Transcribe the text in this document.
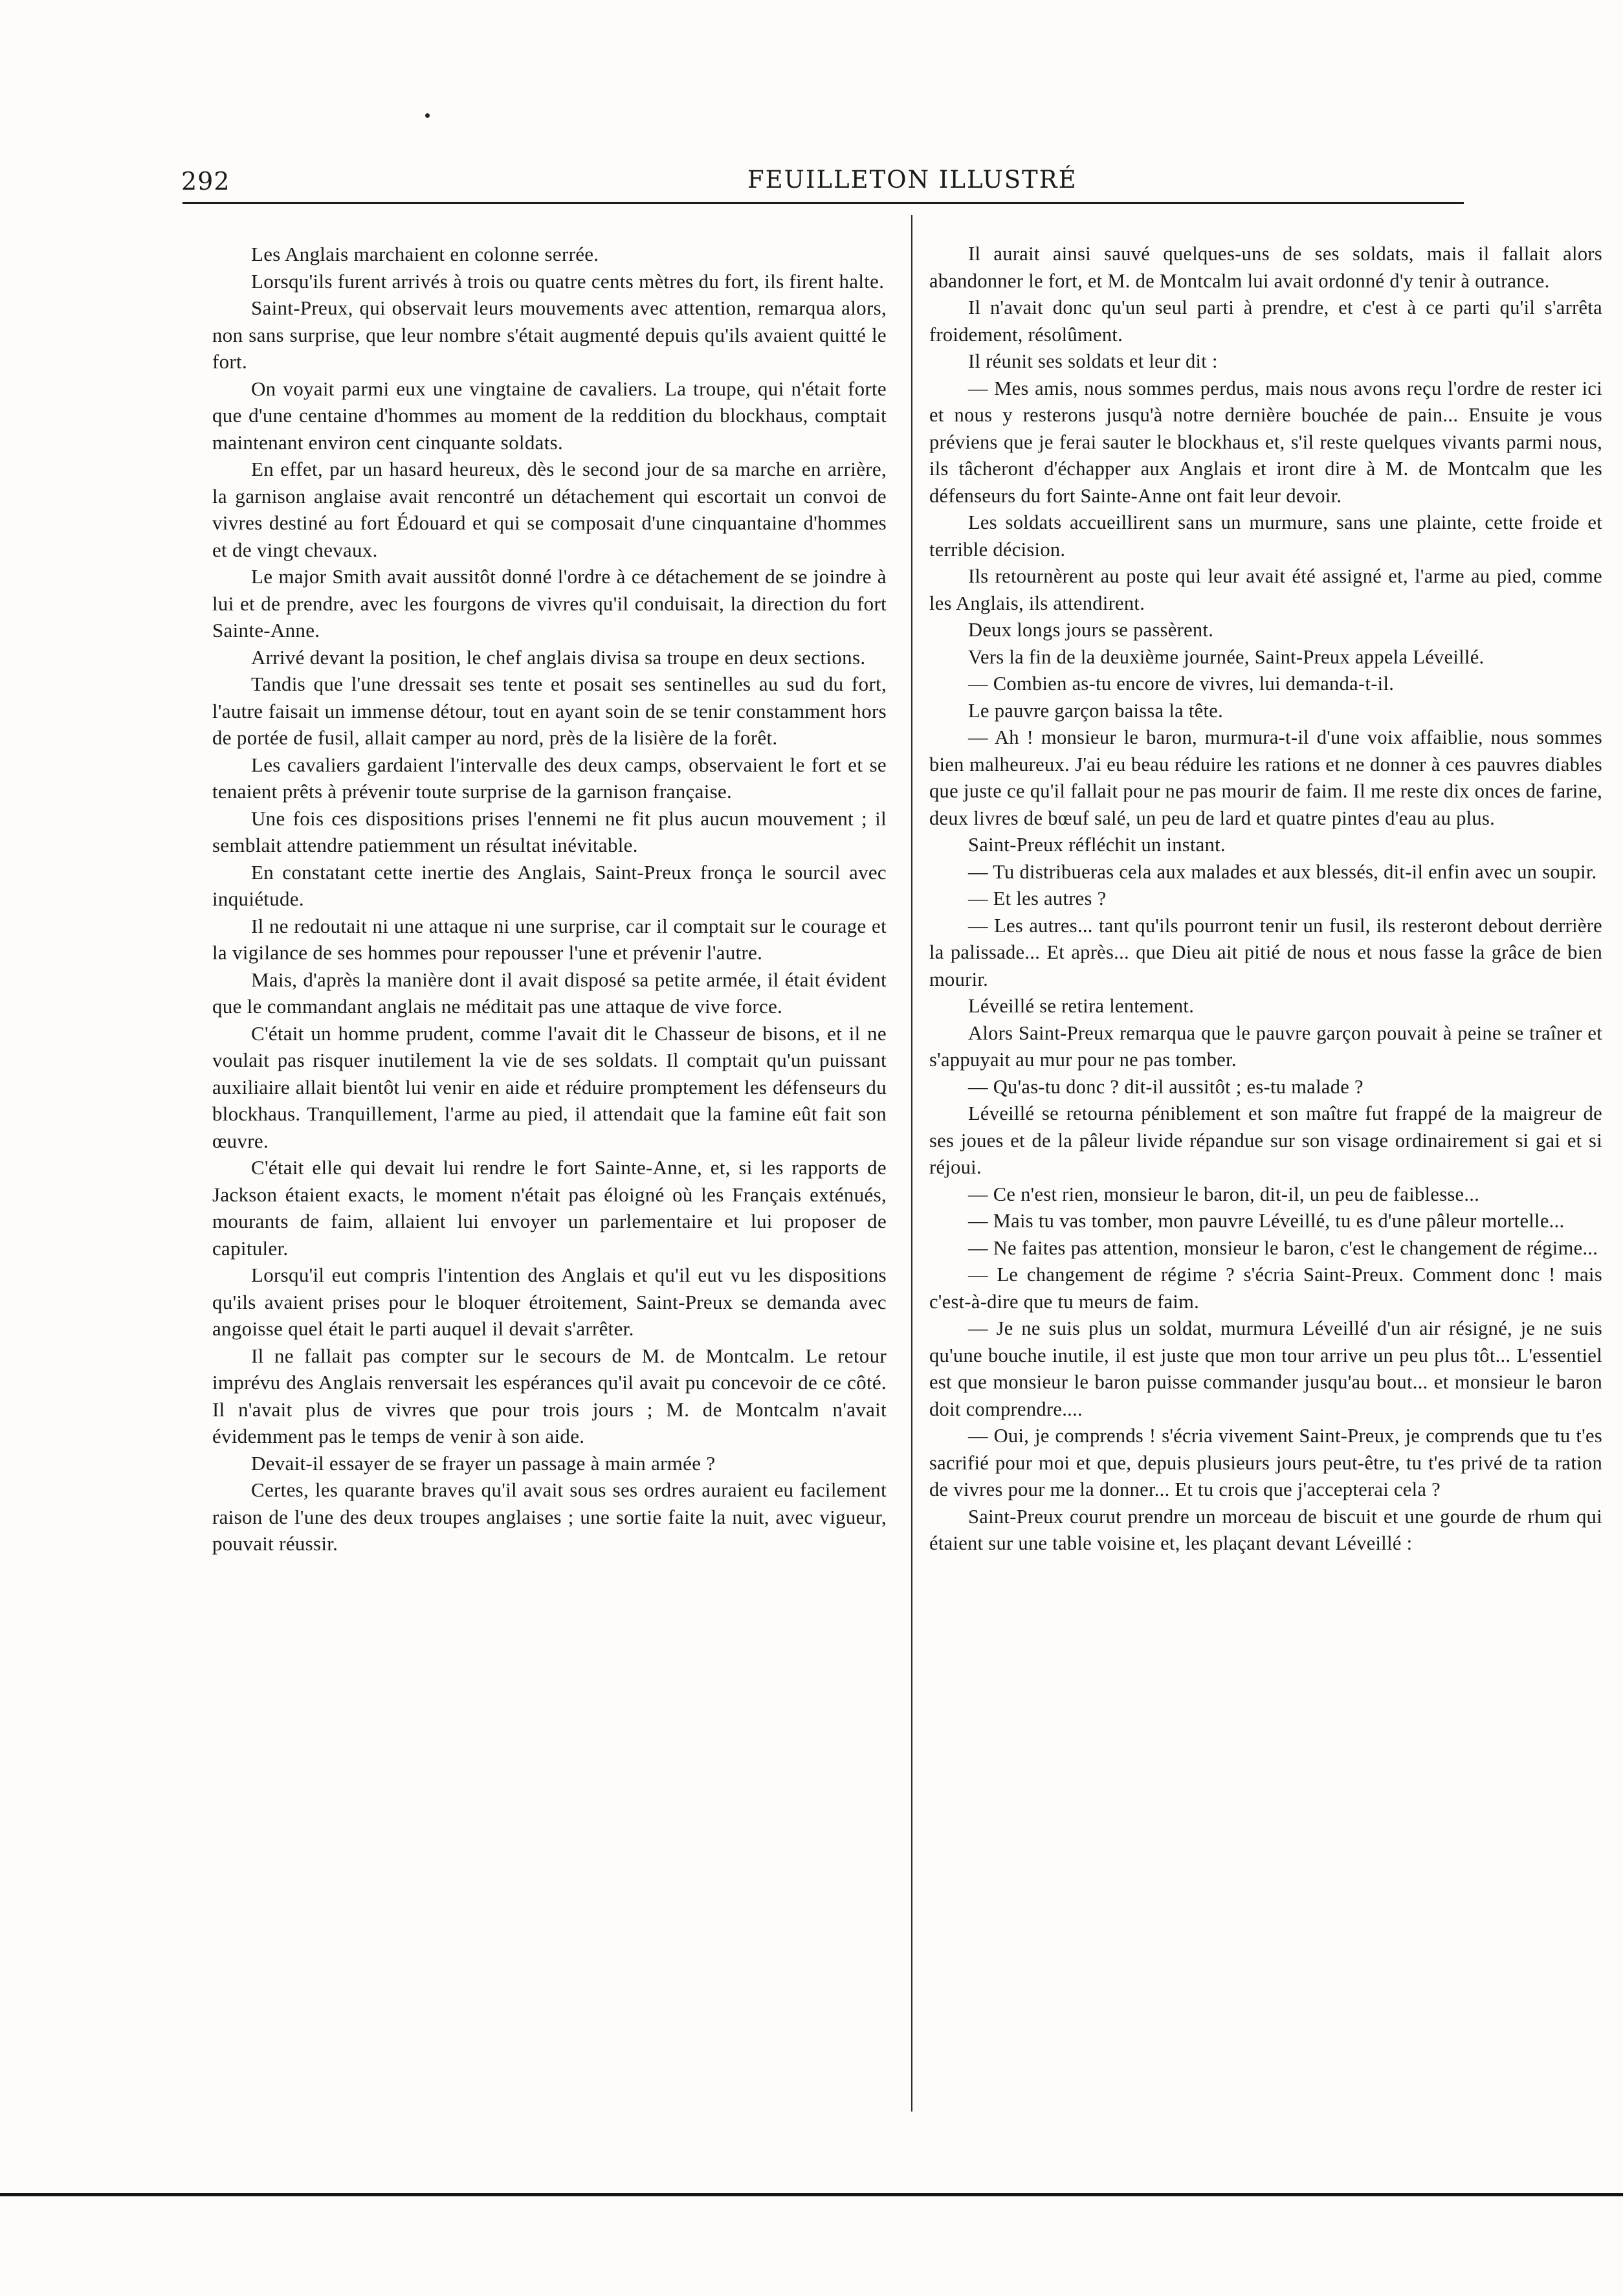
292	FEUILLETON ILLUSTRÉ

Les Anglais marchaient en colonne serrée.

Lorsqu'ils furent arrivés à trois ou quatre cents mètres du fort, ils firent halte.

Saint-Preux, qui observait leurs mouvements avec attention, remarqua alors, non sans surprise, que leur nombre s'était augmenté depuis qu'ils avaient quitté le fort.

On voyait parmi eux une vingtaine de cavaliers. La troupe, qui n'était forte que d'une centaine d'hommes au moment de la reddition du blockhaus, comptait maintenant environ cent cinquante soldats.

En effet, par un hasard heureux, dès le second jour de sa marche en arrière, la garnison anglaise avait rencontré un détachement qui escortait un convoi de vivres destiné au fort Édouard et qui se composait d'une cinquantaine d'hommes et de vingt chevaux.

Le major Smith avait aussitôt donné l'ordre à ce détachement de se joindre à lui et de prendre, avec les fourgons de vivres qu'il conduisait, la direction du fort Sainte-Anne.

Arrivé devant la position, le chef anglais divisa sa troupe en deux sections.

Tandis que l'une dressait ses tente et posait ses sentinelles au sud du fort, l'autre faisait un immense détour, tout en ayant soin de se tenir constamment hors de portée de fusil, allait camper au nord, près de la lisière de la forêt.

Les cavaliers gardaient l'intervalle des deux camps, observaient le fort et se tenaient prêts à prévenir toute surprise de la garnison française.

Une fois ces dispositions prises l'ennemi ne fit plus aucun mouvement ; il semblait attendre patiemment un résultat inévitable.

En constatant cette inertie des Anglais, Saint-Preux fronça le sourcil avec inquiétude.

Il ne redoutait ni une attaque ni une surprise, car il comptait sur le courage et la vigilance de ses hommes pour repousser l'une et prévenir l'autre.

Mais, d'après la manière dont il avait disposé sa petite armée, il était évident que le commandant anglais ne méditait pas une attaque de vive force.

C'était un homme prudent, comme l'avait dit le Chasseur de bisons, et il ne voulait pas risquer inutilement la vie de ses soldats. Il comptait qu'un puissant auxiliaire allait bientôt lui venir en aide et réduire promptement les défenseurs du blockhaus. Tranquillement, l'arme au pied, il attendait que la famine eût fait son œuvre.

C'était elle qui devait lui rendre le fort Sainte-Anne, et, si les rapports de Jackson étaient exacts, le moment n'était pas éloigné où les Français exténués, mourants de faim, allaient lui envoyer un parlementaire et lui proposer de capituler.

Lorsqu'il eut compris l'intention des Anglais et qu'il eut vu les dispositions qu'ils avaient prises pour le bloquer étroitement, Saint-Preux se demanda avec angoisse quel était le parti auquel il devait s'arrêter.

Il ne fallait pas compter sur le secours de M. de Montcalm. Le retour imprévu des Anglais renversait les espérances qu'il avait pu concevoir de ce côté. Il n'avait plus de vivres que pour trois jours ; M. de Montcalm n'avait évidemment pas le temps de venir à son aide.

Devait-il essayer de se frayer un passage à main armée ?

Certes, les quarante braves qu'il avait sous ses ordres auraient eu facilement raison de l'une des deux troupes anglaises ; une sortie faite la nuit, avec vigueur, pouvait réussir.

Il aurait ainsi sauvé quelques-uns de ses soldats, mais il fallait alors abandonner le fort, et M. de Montcalm lui avait ordonné d'y tenir à outrance.

Il n'avait donc qu'un seul parti à prendre, et c'est à ce parti qu'il s'arrêta froidement, résolûment.

Il réunit ses soldats et leur dit :

— Mes amis, nous sommes perdus, mais nous avons reçu l'ordre de rester ici et nous y resterons jusqu'à notre dernière bouchée de pain... Ensuite je vous préviens que je ferai sauter le blockhaus et, s'il reste quelques vivants parmi nous, ils tâcheront d'échapper aux Anglais et iront dire à M. de Montcalm que les défenseurs du fort Sainte-Anne ont fait leur devoir.

Les soldats accueillirent sans un murmure, sans une plainte, cette froide et terrible décision.

Ils retournèrent au poste qui leur avait été assigné et, l'arme au pied, comme les Anglais, ils attendirent.

Deux longs jours se passèrent.

Vers la fin de la deuxième journée, Saint-Preux appela Léveillé.

— Combien as-tu encore de vivres, lui demanda-t-il.

Le pauvre garçon baissa la tête.

— Ah ! monsieur le baron, murmura-t-il d'une voix affaiblie, nous sommes bien malheureux. J'ai eu beau réduire les rations et ne donner à ces pauvres diables que juste ce qu'il fallait pour ne pas mourir de faim. Il me reste dix onces de farine, deux livres de bœuf salé, un peu de lard et quatre pintes d'eau au plus.

Saint-Preux réfléchit un instant.

— Tu distribueras cela aux malades et aux blessés, dit-il enfin avec un soupir.

— Et les autres ?

— Les autres... tant qu'ils pourront tenir un fusil, ils resteront debout derrière la palissade... Et après... que Dieu ait pitié de nous et nous fasse la grâce de bien mourir.

Léveillé se retira lentement.

Alors Saint-Preux remarqua que le pauvre garçon pouvait à peine se traîner et s'appuyait au mur pour ne pas tomber.

— Qu'as-tu donc ? dit-il aussitôt ; es-tu malade ?

Léveillé se retourna péniblement et son maître fut frappé de la maigreur de ses joues et de la pâleur livide répandue sur son visage ordinairement si gai et si réjoui.

— Ce n'est rien, monsieur le baron, dit-il, un peu de faiblesse...

— Mais tu vas tomber, mon pauvre Léveillé, tu es d'une pâleur mortelle...

— Ne faites pas attention, monsieur le baron, c'est le changement de régime...

— Le changement de régime ? s'écria Saint-Preux. Comment donc ! mais c'est-à-dire que tu meurs de faim.

— Je ne suis plus un soldat, murmura Léveillé d'un air résigné, je ne suis qu'une bouche inutile, il est juste que mon tour arrive un peu plus tôt... L'essentiel est que monsieur le baron puisse commander jusqu'au bout... et monsieur le baron doit comprendre....

— Oui, je comprends ! s'écria vivement Saint-Preux, je comprends que tu t'es sacrifié pour moi et que, depuis plusieurs jours peut-être, tu t'es privé de ta ration de vivres pour me la donner... Et tu crois que j'accepterai cela ?

Saint-Preux courut prendre un morceau de biscuit et une gourde de rhum qui étaient sur une table voisine et, les plaçant devant Léveillé :
